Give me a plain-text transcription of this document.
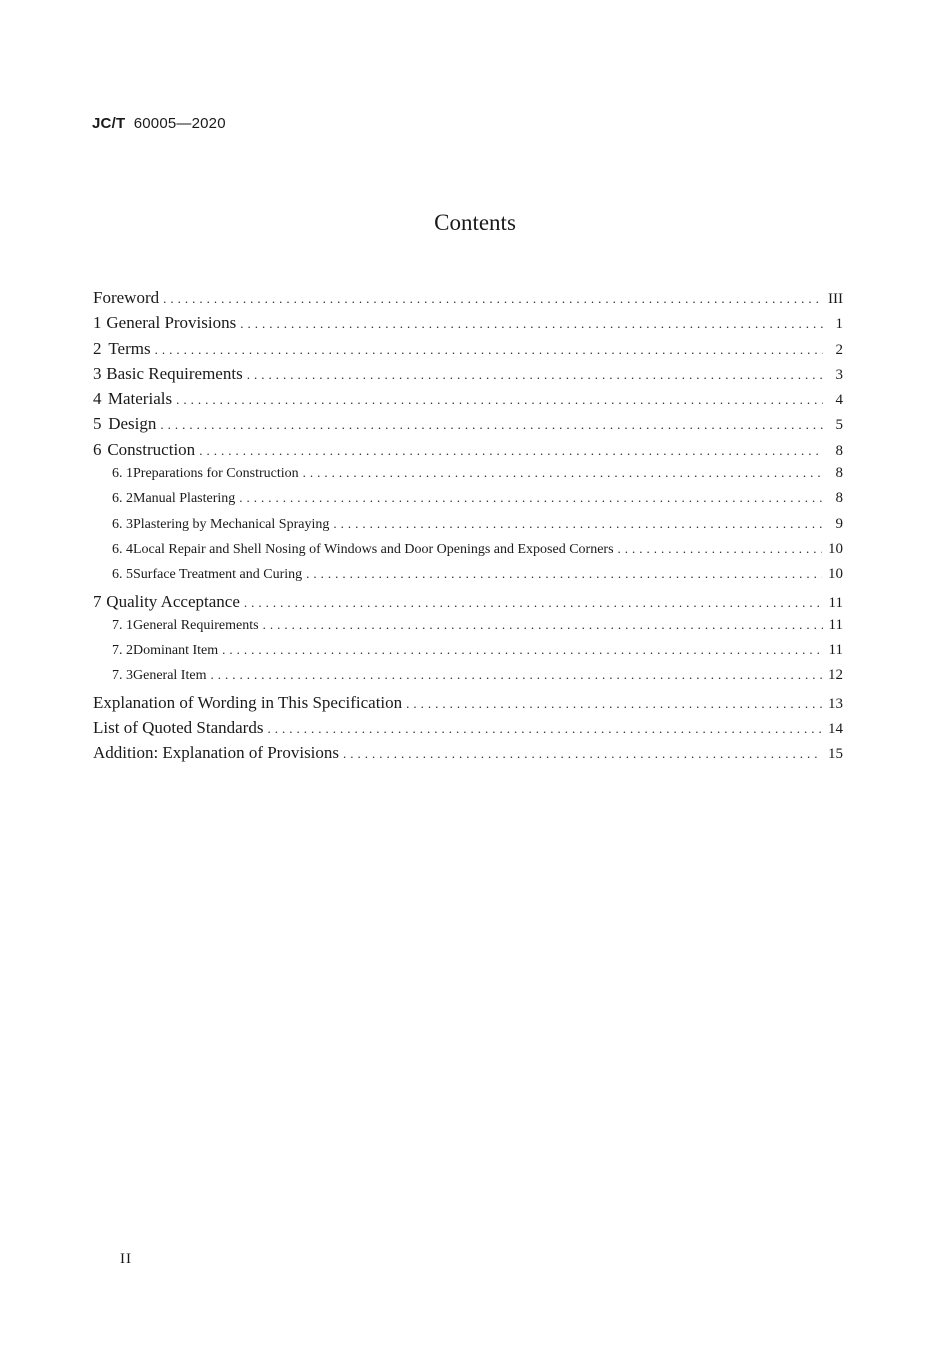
JC/T 60005—2020
Contents
Foreword .....	III
1 General Provisions .....	1
2 Terms .....	2
3 Basic Requirements .....	3
4 Materials .....	4
5 Design .....	5
6 Construction .....	8
6. 1 Preparations for Construction .....	8
6. 2 Manual Plastering .....	8
6. 3 Plastering by Mechanical Spraying .....	9
6. 4 Local Repair and Shell Nosing of Windows and Door Openings and Exposed Corners .....	10
6. 5 Surface Treatment and Curing .....	10
7 Quality Acceptance .....	11
7. 1 General Requirements .....	11
7. 2 Dominant Item .....	11
7. 3 General Item .....	12
Explanation of Wording in This Specification .....	13
List of Quoted Standards .....	14
Addition: Explanation of Provisions .....	15
II
